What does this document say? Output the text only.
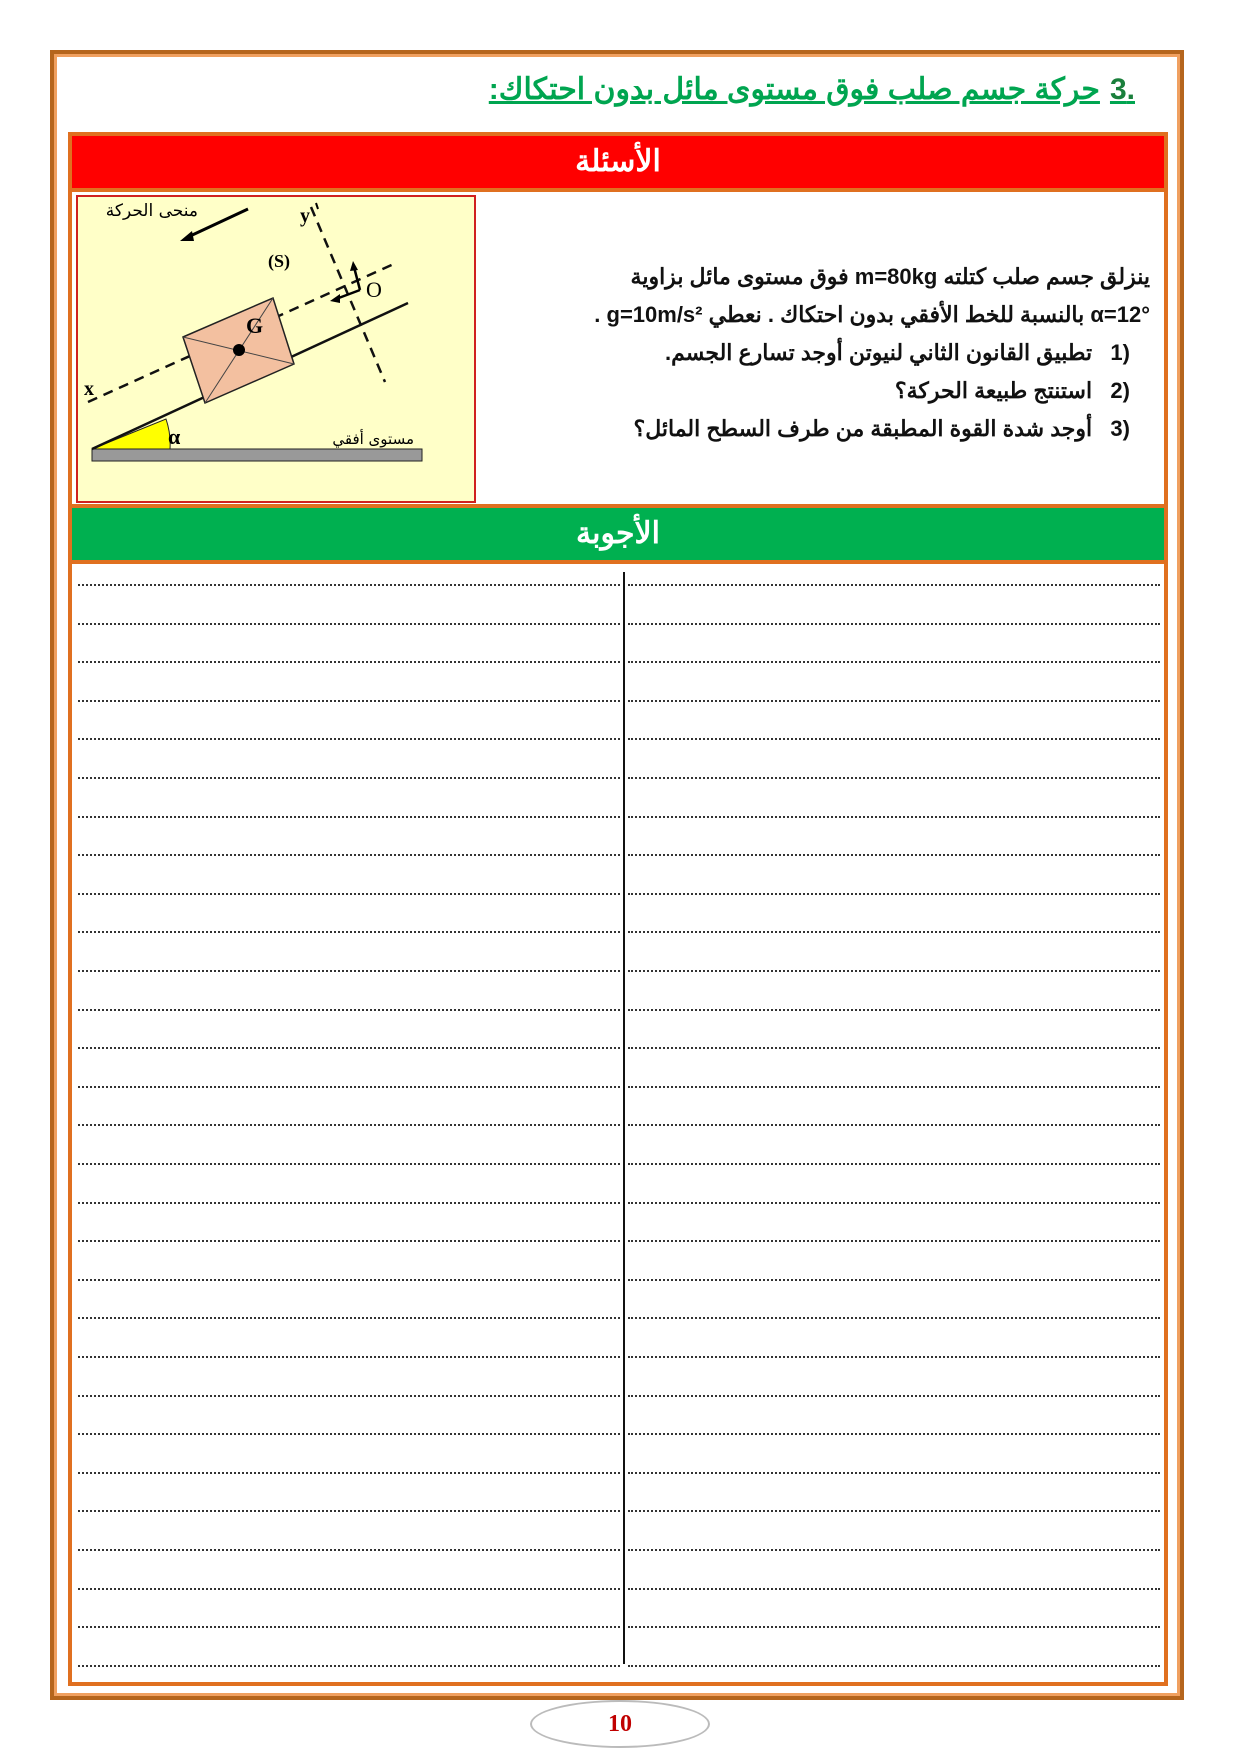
.3حركة جسم صلب فوق مستوى مائل بدون احتكاك:
الأسئلة
منحى الحركة	y
(S)
G
O
x
α	مستوى أفقي
ينزلق جسم صلب كتلته m=80kg فوق مستوى مائل بزاوية
α=12° بالنسبة للخط الأفقي بدون احتكاك . نعطي g=10m/s² .
(1   تطبيق القانون الثاني لنيوتن أوجد تسارع الجسم.
(2   استنتج طبيعة الحركة؟
(3   أوجد شدة القوة المطبقة من طرف السطح المائل؟
الأجوبة
10
